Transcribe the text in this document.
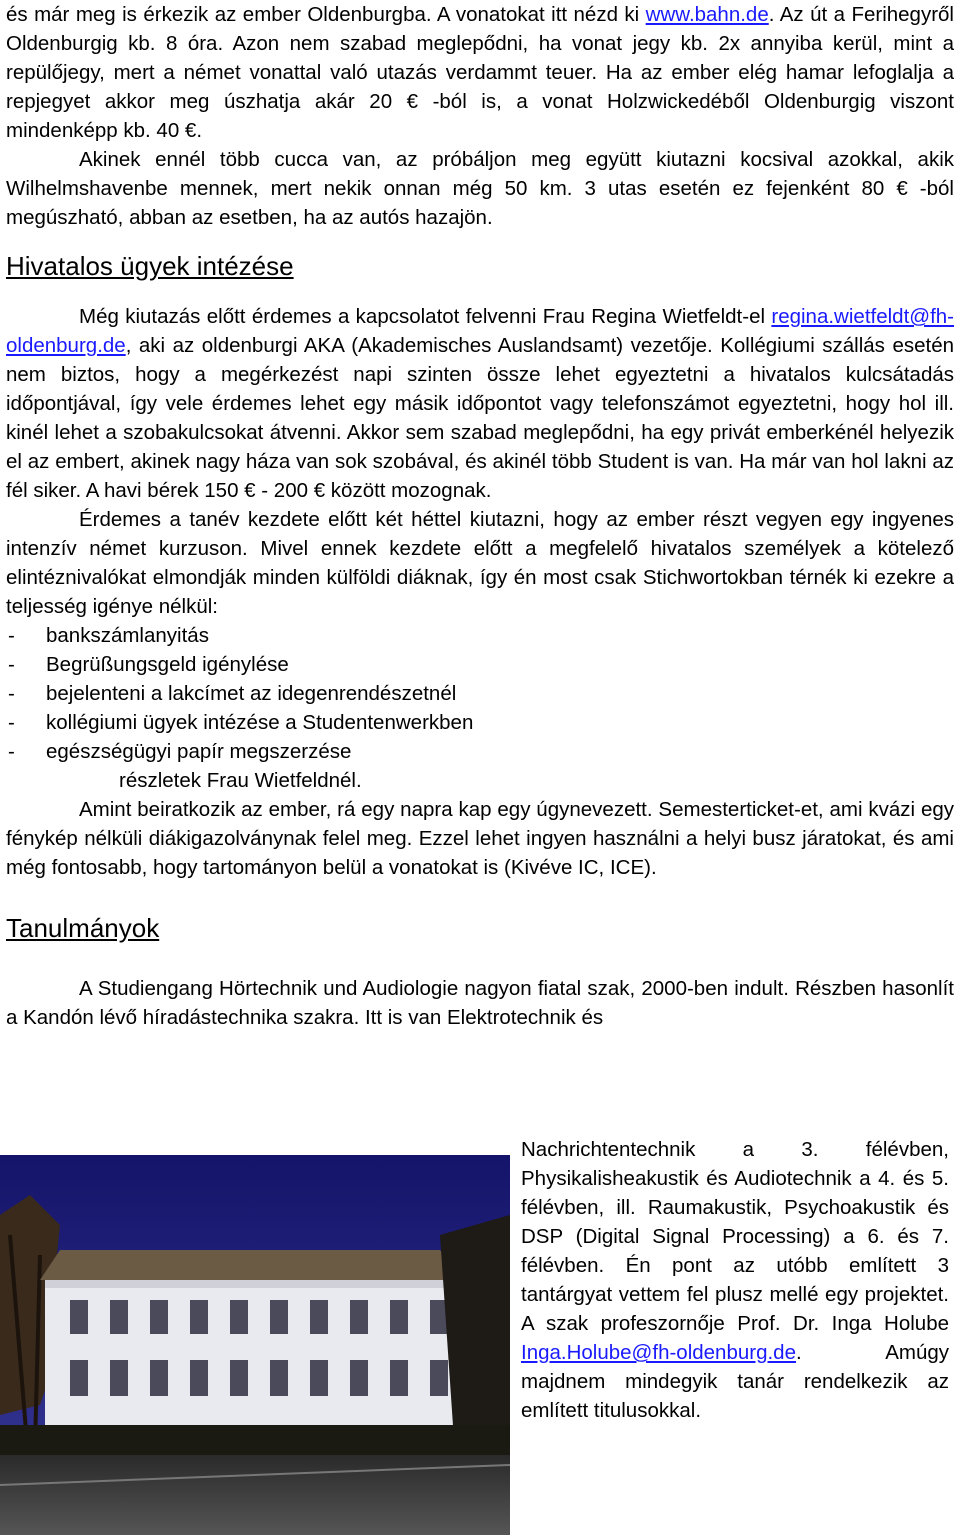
és már meg is érkezik az ember Oldenburgba. A vonatokat itt nézd ki www.bahn.de. Az út a Ferihegyről Oldenburgig kb. 8 óra. Azon nem szabad meglepődni, ha vonat jegy kb. 2x annyiba kerül, mint a repülőjegy, mert a német vonattal való utazás verdammt teuer. Ha az ember elég hamar lefoglalja a repjegyet akkor meg úszhatja akár 20 € -ból is, a vonat Holzwickedéből Oldenburgig viszont mindenképp kb. 40 €.

Akinek ennél több cucca van, az próbáljon meg együtt kiutazni kocsival azokkal, akik Wilhelmshavenbe mennek, mert nekik onnan még 50 km. 3 utas esetén ez fejenként 80 € -ból megúszható, abban az esetben, ha az autós hazajön.

Hivatalos ügyek intézése

Még kiutazás előtt érdemes a kapcsolatot felvenni Frau Regina Wietfeldt-el regina.wietfeldt@fh-oldenburg.de, aki az oldenburgi AKA (Akademisches Auslandsamt) vezetője. Kollégiumi szállás esetén nem biztos, hogy a megérkezést napi szinten össze lehet egyeztetni a hivatalos kulcsátadás időpontjával, így vele érdemes lehet egy másik időpontot vagy telefonszámot egyeztetni, hogy hol ill. kinél lehet a szobakulcsokat átvenni. Akkor sem szabad meglepődni, ha egy privát emberkénél helyezik el az embert, akinek nagy háza van sok szobával, és akinél több Student is van. Ha már van hol lakni az fél siker. A havi bérek 150 € - 200 € között mozognak.

Érdemes a tanév kezdete előtt két héttel kiutazni, hogy az ember részt vegyen egy ingyenes intenzív német kurzuson. Mivel ennek kezdete előtt a megfelelő hivatalos személyek a kötelező elintéznivalókat elmondják minden külföldi diáknak, így én most csak Stichwortokban térnék ki ezekre a teljesség igénye nélkül:

-	bankszámlanyitás
-	Begrüßungsgeld igénylése
-	bejelenteni a lakcímet az idegenrendészetnél
-	kollégiumi ügyek intézése a Studentenwerkben
-	egészségügyi papír megszerzése

részletek Frau Wietfeldnél.

Amint beiratkozik az ember, rá egy napra kap egy úgynevezett. Semesterticket-et, ami kvázi egy fénykép nélküli diákigazolványnak felel meg. Ezzel lehet ingyen használni a helyi busz járatokat, és ami még fontosabb, hogy tartományon belül a vonatokat is (Kivéve IC, ICE).

Tanulmányok

A Studiengang Hörtechnik und Audiologie nagyon fiatal szak, 2000-ben indult. Részben hasonlít a Kandón lévő híradástechnika szakra. Itt is van Elektrotechnik és

Nachrichtentechnik a 3. félévben, Physikalisheakustik és Audiotechnik a 4. és 5. félévben, ill. Raumakustik, Psychoakustik és DSP (Digital Signal Processing) a 6. és 7. félévben. Én pont az utóbb említett 3 tantárgyat vettem fel plusz mellé egy projektet. A szak profeszornője Prof. Dr. Inga Holube Inga.Holube@fh-oldenburg.de. Amúgy majdnem mindegyik tanár rendelkezik az említett titulusokkal.
